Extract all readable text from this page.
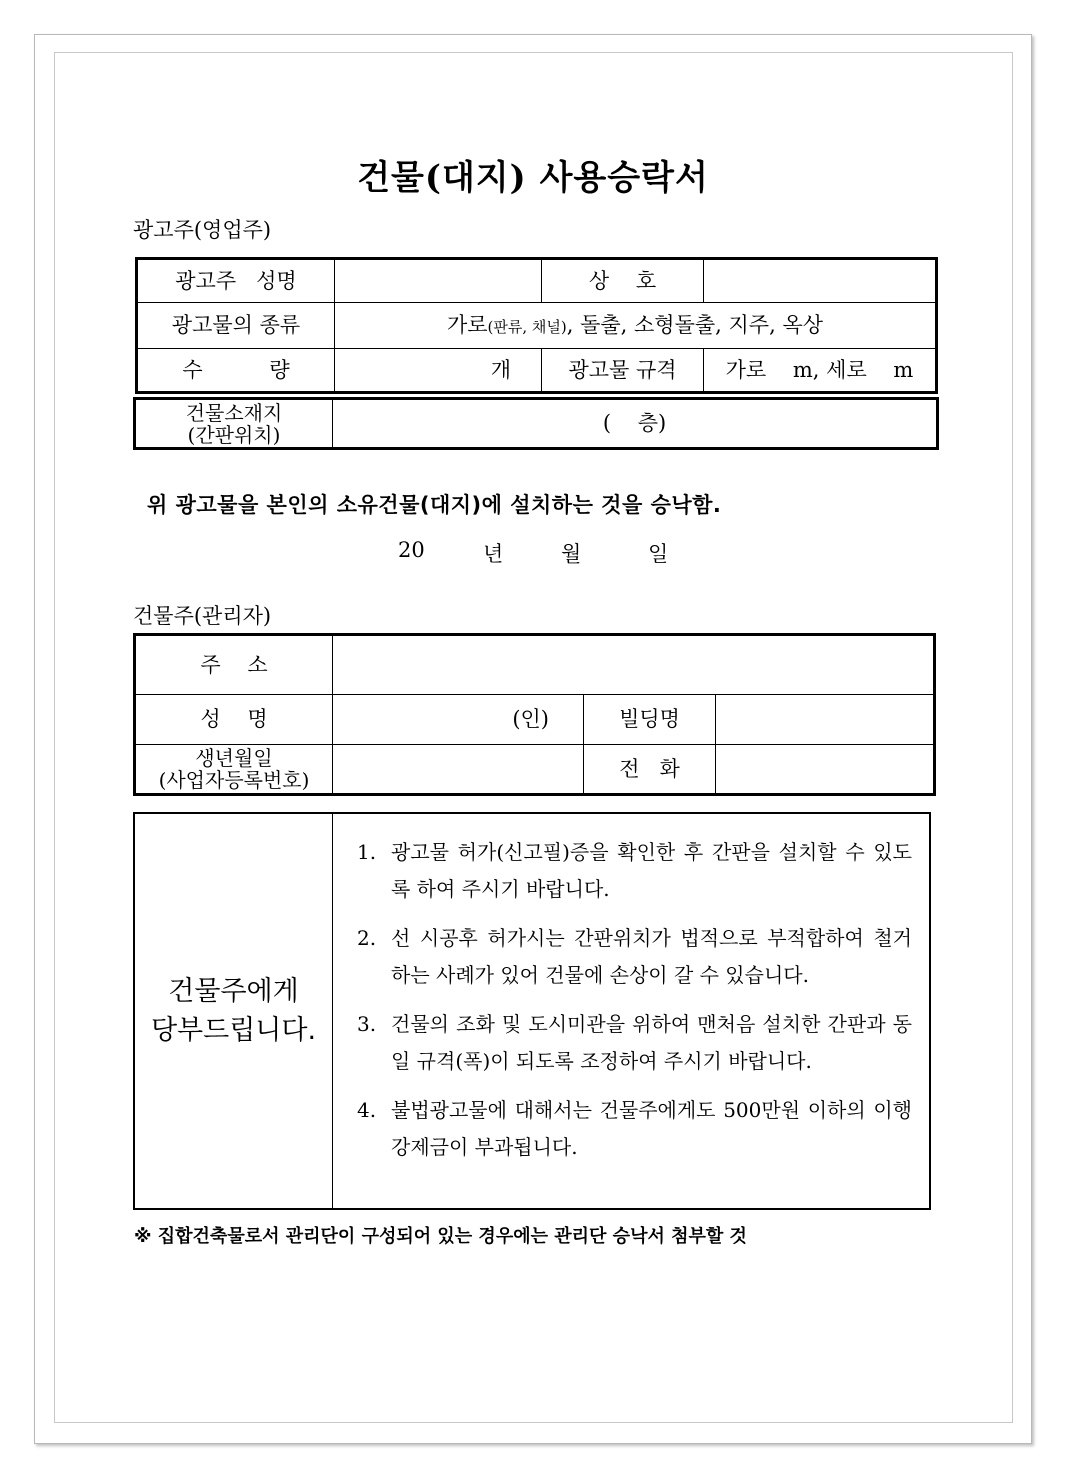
건물(대지) 사용승락서
광고주(영업주)
광고주   성명		상    호	
광고물의 종류	가로(판류, 채널), 돌출, 소형돌출, 지주, 옥상		
수          량	개	광고물 규격	가로    m, 세로    m
건물소재지
(간판위치)	(    층)
위 광고물을 본인의 소유건물(대지)에 설치하는 것을 승낙함.
20	년	월	일
건물주(관리자)
주    소			
성    명	(인)	빌딩명	

생년월일
(사업자등록번호)		전   화	
건물주에게
당부드립니다.
1. 광고물 허가(신고필)증을 확인한 후 간판을 설치할 수 있도록 하여 주시기 바랍니다.
2. 선 시공후 허가시는 간판위치가 법적으로 부적합하여 철거하는 사례가 있어 건물에 손상이 갈 수 있습니다.
3. 건물의 조화 및 도시미관을 위하여 맨처음 설치한 간판과 동일 규격(폭)이 되도록 조정하여 주시기 바랍니다.
4. 불법광고물에 대해서는 건물주에게도 500만원 이하의 이행강제금이 부과됩니다.
※ 집합건축물로서 관리단이 구성되어 있는 경우에는 관리단 승낙서 첨부할 것
